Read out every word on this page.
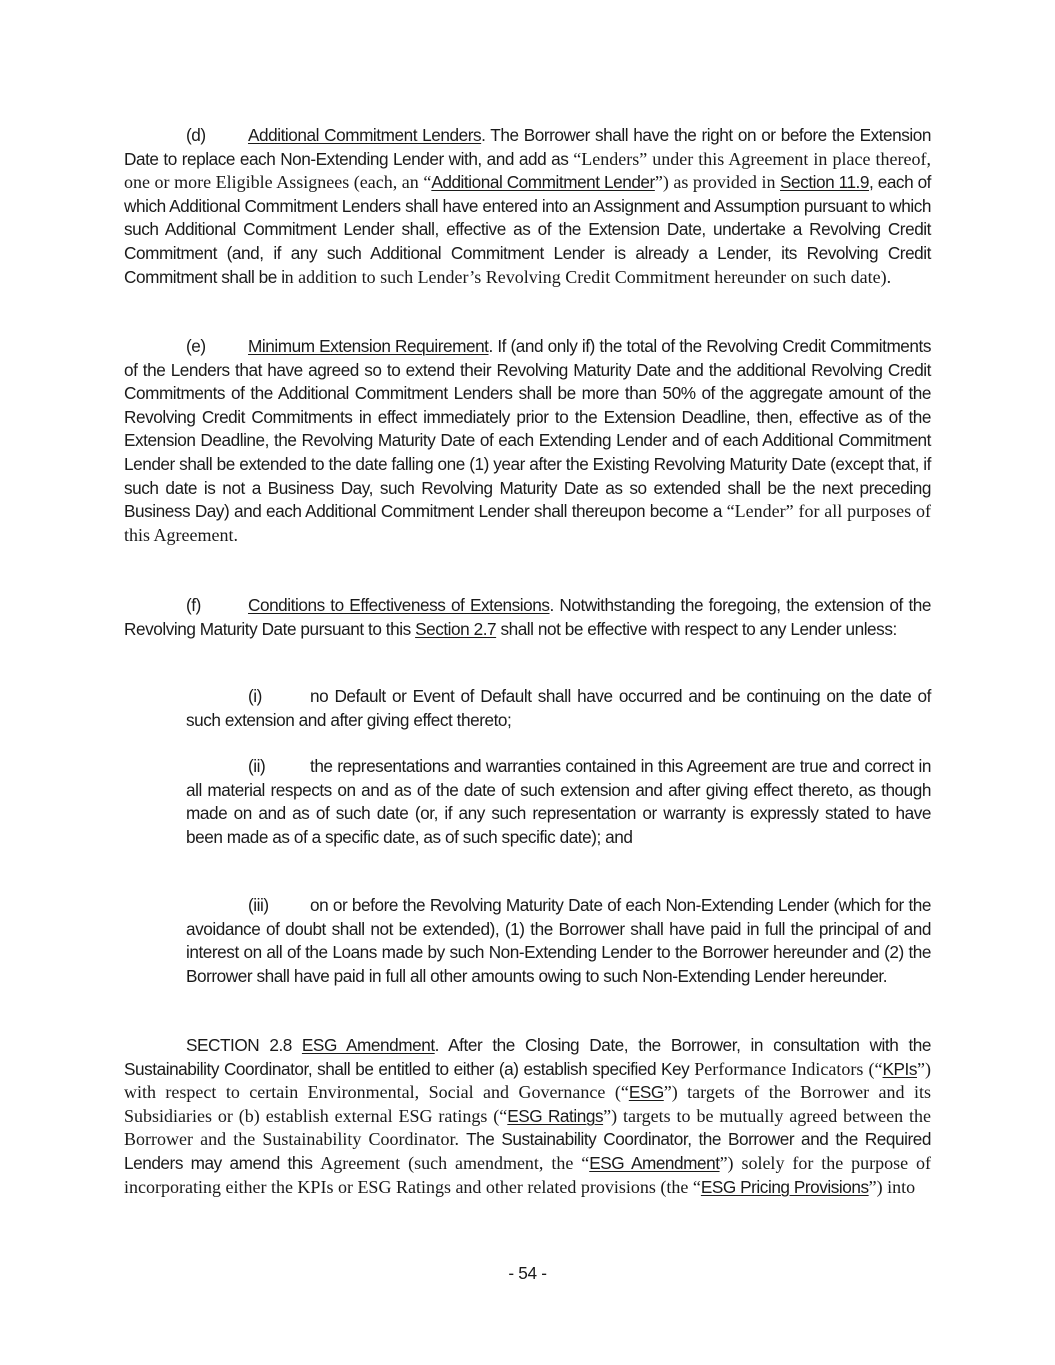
(d) Additional Commitment Lenders. The Borrower shall have the right on or before the Extension Date to replace each Non-Extending Lender with, and add as “Lenders” under this Agreement in place thereof, one or more Eligible Assignees (each, an “Additional Commitment Lender”) as provided in Section 11.9, each of which Additional Commitment Lenders shall have entered into an Assignment and Assumption pursuant to which such Additional Commitment Lender shall, effective as of the Extension Date, undertake a Revolving Credit Commitment (and, if any such Additional Commitment Lender is already a Lender, its Revolving Credit Commitment shall be in addition to such Lender’s Revolving Credit Commitment hereunder on such date).

(e) Minimum Extension Requirement. If (and only if) the total of the Revolving Credit Commitments of the Lenders that have agreed so to extend their Revolving Maturity Date and the additional Revolving Credit Commitments of the Additional Commitment Lenders shall be more than 50% of the aggregate amount of the Revolving Credit Commitments in effect immediately prior to the Extension Deadline, then, effective as of the Extension Deadline, the Revolving Maturity Date of each Extending Lender and of each Additional Commitment Lender shall be extended to the date falling one (1) year after the Existing Revolving Maturity Date (except that, if such date is not a Business Day, such Revolving Maturity Date as so extended shall be the next preceding Business Day) and each Additional Commitment Lender shall thereupon become a “Lender” for all purposes of this Agreement.

(f)	Conditions to Effectiveness of Extensions. Notwithstanding the foregoing, the extension of the Revolving Maturity Date pursuant to this Section 2.7 shall not be effective with respect to any Lender unless:

(i)	no Default or Event of Default shall have occurred and be continuing on the date of such extension and after giving effect thereto;

(ii)	the representations and warranties contained in this Agreement are true and correct in all material respects on and as of the date of such extension and after giving effect thereto, as though made on and as of such date (or, if any such representation or warranty is expressly stated to have been made as of a specific date, as of such specific date); and

(iii) on or before the Revolving Maturity Date of each Non-Extending Lender (which for the avoidance of doubt shall not be extended), (1) the Borrower shall have paid in full the principal of and interest on all of the Loans made by such Non-Extending Lender to the Borrower hereunder and (2) the Borrower shall have paid in full all other amounts owing to such Non-Extending Lender hereunder.

SECTION 2.8 ESG Amendment. After the Closing Date, the Borrower, in consultation with the Sustainability Coordinator, shall be entitled to either (a) establish specified Key Performance Indicators (“KPIs”) with respect to certain Environmental, Social and Governance (“ESG”) targets of the Borrower and its Subsidiaries or (b) establish external ESG ratings (“ESG Ratings”) targets to be mutually agreed between the Borrower and the Sustainability Coordinator. The Sustainability Coordinator, the Borrower and the Required Lenders may amend this Agreement (such amendment, the “ESG Amendment”) solely for the purpose of incorporating either the KPIs or ESG Ratings and other related provisions (the “ESG Pricing Provisions”) into

- 54 -
